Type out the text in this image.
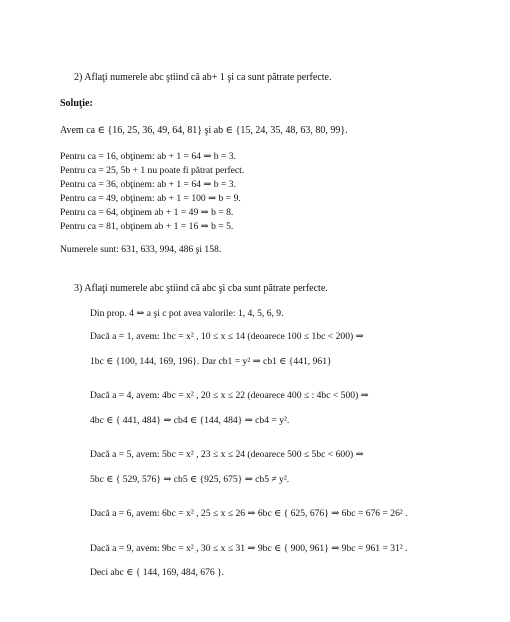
2) Aflaţi numerele abc ştiind că ab+ 1 şi ca sunt pătrate perfecte.
Soluţie:
Avem ca ∈ {16, 25, 36, 49, 64, 81} şi ab ∈ {15, 24, 35, 48, 63, 80, 99}.
Pentru ca = 16, obţinem: ab + 1 = 64 ⇒ b = 3.
Pentru ca = 25, 5b + 1 nu poate fi pătrat perfect.
Pentru ca = 36, obţinem: ab + 1 = 64 ⇒ b = 3.
Pentru ca = 49, obţinem: ab + 1 = 100 ⇒ b = 9.
Pentru ca = 64, obţinem ab + 1 = 49 ⇒ b = 8.
Pentru ca = 81, obţinem ab + 1 = 16 ⇒ b = 5.
Numerele sunt: 631, 633, 994, 486 şi 158.
3) Aflaţi numerele abc ştiind că abc şi cba sunt pătrate perfecte.
Din prop. 4 ⇒ a şi c pot avea valorile: 1, 4, 5, 6, 9.
Dacă a = 1, avem: 1bc = x² , 10 ≤ x ≤ 14 (deoarece 100 ≤ 1bc < 200) ⇒
1bc ∈ {100, 144, 169, 196}. Dar cb1 = y² ⇒ cb1 ∈ {441, 961}
Dacă a = 4, avem: 4bc = x² , 20 ≤ x ≤ 22 (deoarece 400 ≤ : 4bc < 500) ⇒
4bc ∈ { 441, 484} ⇒ cb4 ∈ {144, 484} ⇒ cb4 = y².
Dacă a = 5, avem: 5bc = x² , 23 ≤ x ≤ 24 (deoarece 500 ≤ 5bc < 600) ⇒
5bc ∈ { 529, 576} ⇒ cb5 ∈ {925, 675} ⇒ cb5 ≠ y².
Dacă a = 6, avem: 6bc = x² , 25 ≤ x ≤ 26 ⇒ 6bc ∈ { 625, 676} ⇒ 6bc = 676 = 26² .
Dacă a = 9, avem: 9bc = x² , 30 ≤ x ≤ 31 ⇒ 9bc ∈ { 900, 961} ⇒ 9bc = 961 = 31² .
Deci abc ∈ { 144, 169, 484, 676 }.
